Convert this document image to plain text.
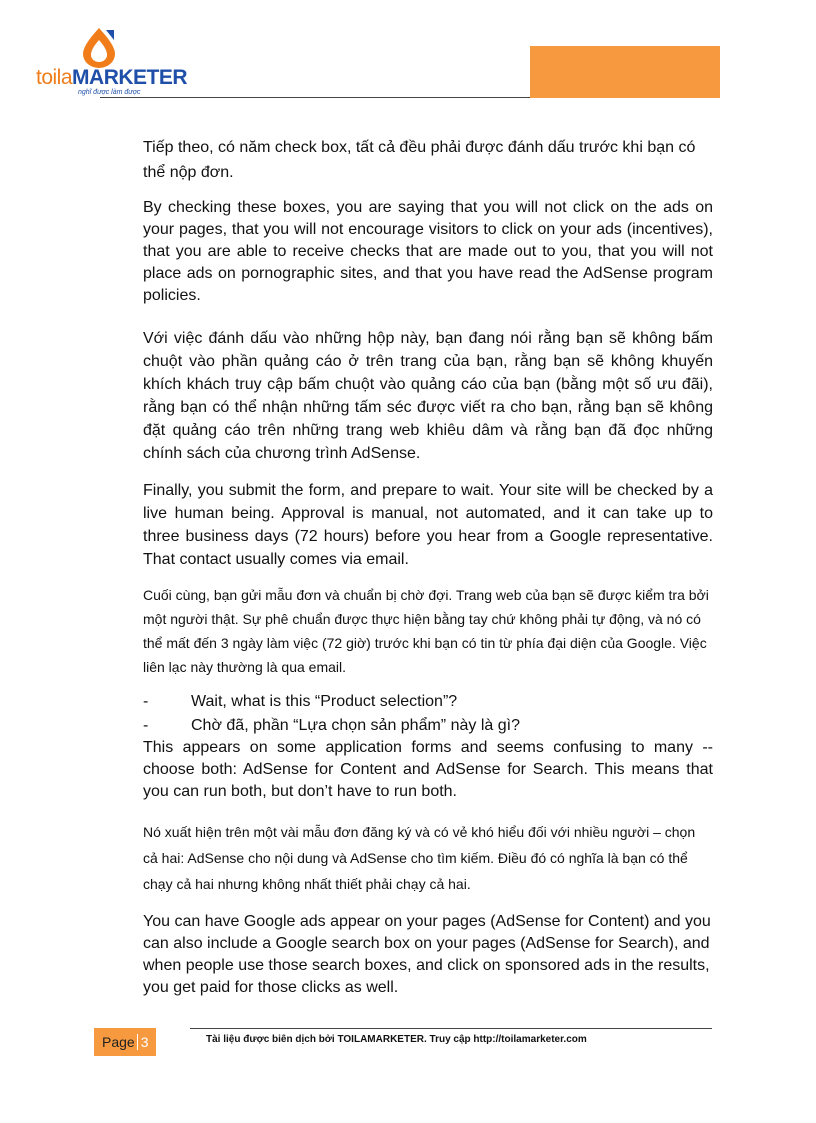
toilaMARKETER
nghĩ được làm được

Tiếp theo, có năm check box, tất cả đều phải được đánh dấu trước khi bạn có thể nộp đơn.

By checking these boxes, you are saying that you will not click on the ads on your pages, that you will not encourage visitors to click on your ads (incentives), that you are able to receive checks that are made out to you, that you will not place ads on pornographic sites, and that you have read the AdSense program policies.

Với việc đánh dấu vào những hộp này, bạn đang nói rằng bạn sẽ không bấm chuột vào phần quảng cáo ở trên trang của bạn, rằng bạn sẽ không khuyến khích khách truy cập bấm chuột vào quảng cáo của bạn (bằng một số ưu đãi), rằng bạn có thể nhận những tấm séc được viết ra cho bạn, rằng bạn sẽ không đặt quảng cáo trên những trang web khiêu dâm và rằng bạn đã đọc những chính sách của chương trình AdSense.

Finally, you submit the form, and prepare to wait. Your site will be checked by a live human being. Approval is manual, not automated, and it can take up to three business days (72 hours) before you hear from a Google representative. That contact usually comes via email.

Cuối cùng, bạn gửi mẫu đơn và chuẩn bị chờ đợi. Trang web của bạn sẽ được kiểm tra bởi một người thật. Sự phê chuẩn được thực hiện bằng tay chứ không phải tự động, và nó có thể mất đến 3 ngày làm việc (72 giờ) trước khi bạn có tin từ phía đại diện của Google. Việc liên lạc này thường là qua email.

-	Wait, what is this “Product selection”?
-	Chờ đã, phần “Lựa chọn sản phẩm” này là gì?

This appears on some application forms and seems confusing to many -- choose both: AdSense for Content and AdSense for Search. This means that you can run both, but don’t have to run both.

Nó xuất hiện trên một vài mẫu đơn đăng ký và có vẻ khó hiểu đối với nhiều người – chọn cả hai: AdSense cho nội dung và AdSense cho tìm kiếm. Điều đó có nghĩa là bạn có thể chạy cả hai nhưng không nhất thiết phải chạy cả hai.

You can have Google ads appear on your pages (AdSense for Content) and you can also include a Google search box on your pages (AdSense for Search), and when people use those search boxes, and click on sponsored ads in the results, you get paid for those clicks as well.

Page 3	Tài liệu được biên dịch bởi TOILAMARKETER. Truy cập http://toilamarketer.com
